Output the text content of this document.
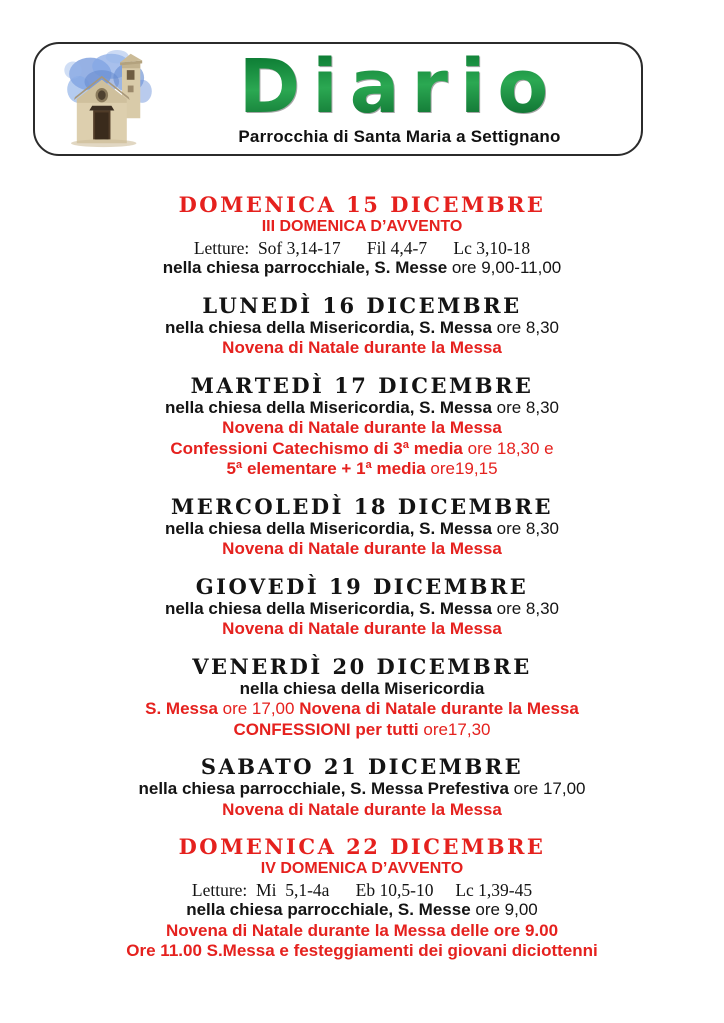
Diario
Parrocchia di Santa Maria a Settignano
DOMENICA 15 DICEMBRE
III DOMENICA D’AVVENTO
Letture:  Sof 3,14-17      Fil 4,4-7      Lc 3,10-18
nella chiesa parrocchiale, S. Messe ore 9,00-11,00
LUNEDÌ 16 DICEMBRE
nella chiesa della Misericordia, S. Messa ore 8,30
Novena di Natale durante la Messa
MARTEDÌ 17 DICEMBRE
nella chiesa della Misericordia, S. Messa ore 8,30
Novena di Natale durante la Messa
Confessioni Catechismo di 3ª media ore 18,30 e
5ª elementare + 1ª media ore19,15
MERCOLEDÌ 18 DICEMBRE
nella chiesa della Misericordia, S. Messa ore 8,30
Novena di Natale durante la Messa
GIOVEDÌ 19 DICEMBRE
nella chiesa della Misericordia, S. Messa ore 8,30
Novena di Natale durante la Messa
VENERDÌ 20 DICEMBRE
nella chiesa della Misericordia
S. Messa ore 17,00 Novena di Natale durante la Messa
CONFESSIONI per tutti ore17,30
SABATO 21 DICEMBRE
nella chiesa parrocchiale, S. Messa Prefestiva ore 17,00
Novena di Natale durante la Messa
DOMENICA 22 DICEMBRE
IV DOMENICA D’AVVENTO
Letture:  Mi  5,1-4a      Eb 10,5-10     Lc 1,39-45
nella chiesa parrocchiale, S. Messe ore 9,00
Novena di Natale durante la Messa delle ore 9.00
Ore 11.00 S.Messa e festeggiamenti dei giovani diciottenni
